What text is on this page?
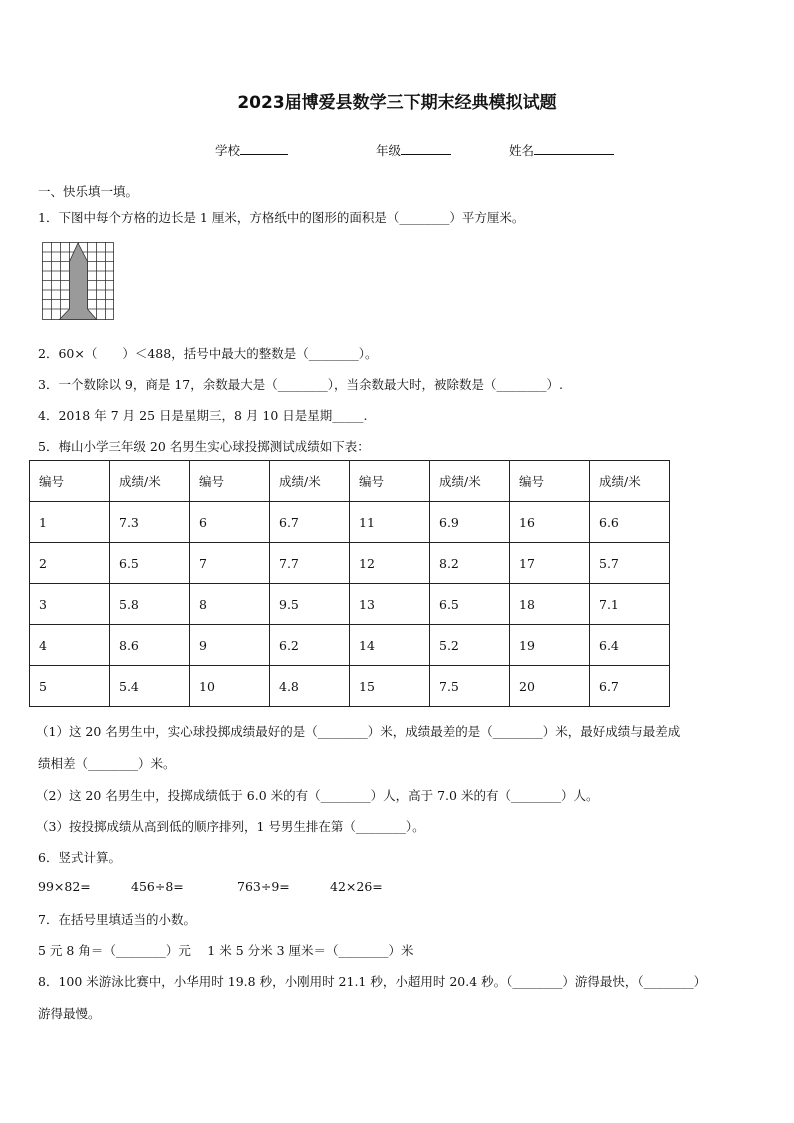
2023届博爱县数学三下期末经典模拟试题
学校	年级	姓名
一、快乐填一填。
1．下图中每个方格的边长是 1 厘米，方格纸中的图形的面积是（________）平方厘米。
2．60×（　　）＜488，括号中最大的整数是（________）。
3．一个数除以 9，商是 17，余数最大是（________），当余数最大时，被除数是（________）.
4．2018 年 7 月 25 日是星期三，8 月 10 日是星期_____.
5．梅山小学三年级 20 名男生实心球投掷测试成绩如下表：
编号	成绩/米	编号	成绩/米	编号	成绩/米	编号	成绩/米
1	7.3	6	6.7	11	6.9	16	6.6
2	6.5	7	7.7	12	8.2	17	5.7
3	5.8	8	9.5	13	6.5	18	7.1
4	8.6	9	6.2	14	5.2	19	6.4
5	5.4	10	4.8	15	7.5	20	6.7
（1）这 20 名男生中，实心球投掷成绩最好的是（________）米，成绩最差的是（________）米，最好成绩与最差成
绩相差（________）米。
（2）这 20 名男生中，投掷成绩低于 6.0 米的有（________）人，高于 7.0 米的有（________）人。
（3）按投掷成绩从高到低的顺序排列，1 号男生排在第（________）。
6．竖式计算。
99×82=	456÷8=	763÷9=	42×26=
7．在括号里填适当的小数。
5 元 8 角＝（________）元　 1 米 5 分米 3 厘米＝（________）米
8．100 米游泳比赛中，小华用时 19.8 秒，小刚用时 21.1 秒，小超用时 20.4 秒。（________）游得最快，（________）
游得最慢。
